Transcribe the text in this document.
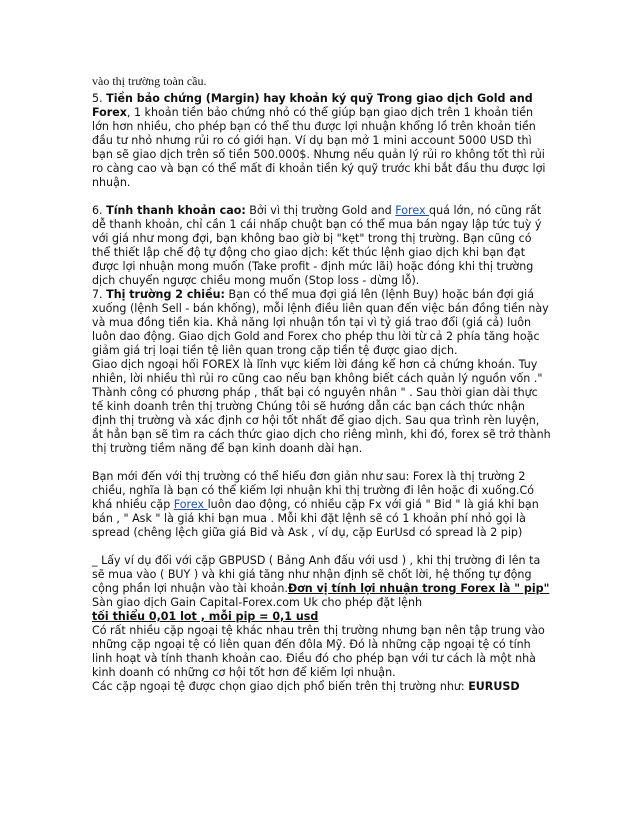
vào thị trường toàn cầu.

5. Tiền bảo chứng (Margin) hay khoản ký quỹ Trong giao dịch Gold and Forex, 1 khoản tiền bảo chứng nhỏ có thể giúp bạn giao dịch trên 1 khoản tiền lớn hơn nhiều, cho phép bạn có thể thu được lợi nhuận khổng lồ trên khoản tiền đầu tư nhỏ nhưng rủi ro có giới hạn. Ví dụ bạn mở 1 mini account 5000 USD thì bạn sẽ giao dịch trên số tiền 500.000$. Nhưng nếu quản lý rủi ro không tốt thì rủi ro càng cao và bạn có thể mất đi khoản tiền ký quỹ trước khi bắt đầu thu được lợi nhuận.

6. Tính thanh khoản cao: Bởi vì thị trường Gold and Forex quá lớn, nó cũng rất dễ thanh khoản, chỉ cần 1 cái nhấp chuột bạn có thể mua bán ngay lập tức tuỳ ý với giá như mong đợi, bạn không bao giờ bị "kẹt" trong thị trường. Bạn cũng có thể thiết lập chế độ tự động cho giao dịch: kết thúc lệnh giao dịch khi bạn đạt được lợi nhuận mong muốn (Take profit - định mức lãi) hoặc đóng khi thị trường dịch chuyển ngược chiều mong muốn (Stop loss - dừng lỗ).

7. Thị trường 2 chiều: Bạn có thể mua đợi giá lên (lệnh Buy) hoặc bán đợi giá xuống (lệnh Sell - bán khống), mỗi lệnh điều liên quan đến việc bán đồng tiền này và mua đồng tiền kia. Khả năng lợi nhuận tồn tại vì tỷ giá trao đổi (giá cả) luôn luôn dao động. Giao dịch Gold and Forex cho phép thu lời từ cả 2 phía tăng hoặc giảm giá trị loại tiền tệ liên quan trong cặp tiền tệ được giao dịch.

Giao dịch ngoại hối FOREX là lĩnh vực kiếm lời đáng kể hơn cả chứng khoán. Tuy nhiên, lời nhiều thì rủi ro cũng cao nếu bạn không biết cách quản lý nguồn vốn ." Thành công có phương pháp , thất bại có nguyên nhân " . Sau thời gian dài thực tế kinh doanh trên thị trường Chúng tôi sẽ hướng dẫn các bạn cách thức nhận định thị trường và xác định cơ hội tốt nhất để giao dịch. Sau qua trình rèn luyện, ắt hẳn bạn sẽ tìm ra cách thức giao dịch cho riêng mình, khi đó, forex sẽ trở thành thị trường tiềm năng để bạn kinh doanh dài hạn.

Bạn mới đến với thị trường có thể hiểu đơn giản như sau: Forex là thị trường 2 chiều, nghĩa là bạn có thể kiếm lợi nhuận khi thị trường đi lên hoặc đi xuống.Có khá nhiều cặp Forex luôn dao động, có nhiều cặp Fx với giá " Bid " là giá khi bạn bán , " Ask " là giá khi bạn mua . Mỗi khi đặt lệnh sẽ có 1 khoản phí nhỏ gọi là spread (chêng lệch giữa giá Bid và Ask , ví dụ, cặp EurUsd có spread là 2 pip)

_ Lấy ví dụ đối với cặp GBPUSD ( Bảng Anh đấu với usd ) , khi thị trường đi lên ta sẽ mua vào ( BUY ) và khi giá tăng như nhận định sẽ chốt lời, hệ thống tự động cộng phần lợi nhuận vào tài khoản.Đơn vị tính lợi nhuận trong Forex là " pip" Sàn giao dịch Gain Capital-Forex.com Uk cho phép đặt lệnh
tối thiểu 0,01 lot , mỗi pip = 0,1 usd

Có rất nhiều cặp ngoại tệ khác nhau trên thị trường nhưng bạn nên tập trung vào những cặp ngoại tệ có liên quan đến đôla Mỹ. Đó là những cặp ngoại tệ có tính linh hoạt và tính thanh khoản cao. Điều đó cho phép bạn với tư cách là một nhà kinh doanh có những cơ hội tốt hơn để kiếm lợi nhuận.

Các cặp ngoại tệ được chọn giao dịch phổ biến trên thị trường như: EURUSD
